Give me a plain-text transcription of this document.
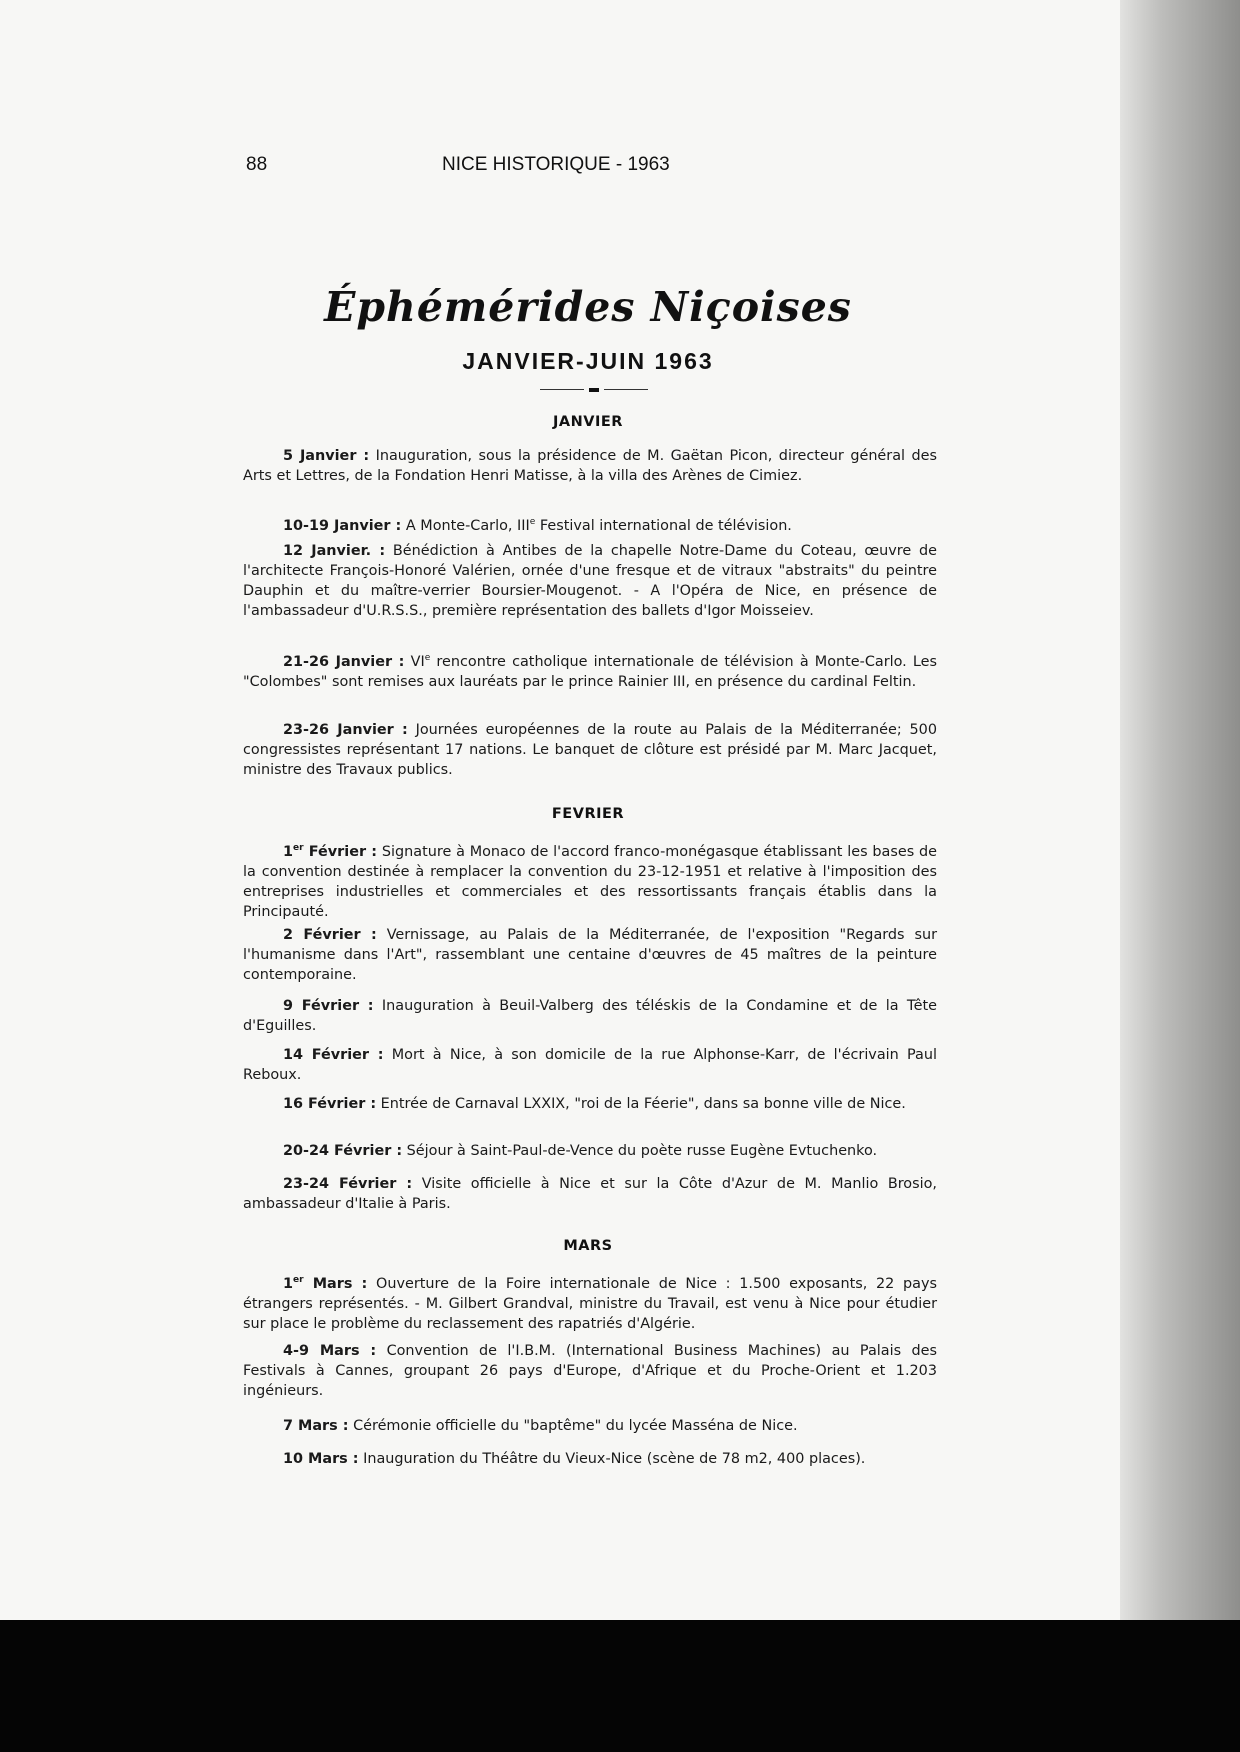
88	NICE HISTORIQUE - 1963
Éphémérides Niçoises
JANVIER-JUIN 1963
JANVIER

5 Janvier : Inauguration, sous la présidence de M. Gaëtan Picon, directeur général des Arts et Lettres, de la Fondation Henri Matisse, à la villa des Arènes de Cimiez.

10-19 Janvier : A Monte-Carlo, IIIe Festival international de télévision.

12 Janvier. : Bénédiction à Antibes de la chapelle Notre-Dame du Coteau, œuvre de l'architecte François-Honoré Valérien, ornée d'une fresque et de vitraux "abstraits" du peintre Dauphin et du maître-verrier Boursier-Mougenot. - A l'Opéra de Nice, en présence de l'ambassadeur d'U.R.S.S., première représentation des ballets d'Igor Moisseiev.

21-26 Janvier : VIe rencontre catholique internationale de télévision à Monte-Carlo. Les "Colombes" sont remises aux lauréats par le prince Rainier III, en présence du cardinal Feltin.

23-26 Janvier : Journées européennes de la route au Palais de la Méditerranée; 500 congressistes représentant 17 nations. Le banquet de clôture est présidé par M. Marc Jacquet, ministre des Travaux publics.

FEVRIER

1er Février : Signature à Monaco de l'accord franco-monégasque établissant les bases de la convention destinée à remplacer la convention du 23-12-1951 et relative à l'imposition des entreprises industrielles et commerciales et des ressortissants français établis dans la Principauté.

2 Février : Vernissage, au Palais de la Méditerranée, de l'exposition "Regards sur l'humanisme dans l'Art", rassemblant une centaine d'œuvres de 45 maîtres de la peinture contemporaine.

9 Février : Inauguration à Beuil-Valberg des téléskis de la Condamine et de la Tête d'Eguilles.

14 Février : Mort à Nice, à son domicile de la rue Alphonse-Karr, de l'écrivain Paul Reboux.

16 Février : Entrée de Carnaval LXXIX, "roi de la Féerie", dans sa bonne ville de Nice.

20-24 Février : Séjour à Saint-Paul-de-Vence du poète russe Eugène Evtuchenko.

23-24 Février : Visite officielle à Nice et sur la Côte d'Azur de M. Manlio Brosio, ambassadeur d'Italie à Paris.

MARS

1er Mars : Ouverture de la Foire internationale de Nice : 1.500 exposants, 22 pays étrangers représentés. - M. Gilbert Grandval, ministre du Travail, est venu à Nice pour étudier sur place le problème du reclassement des rapatriés d'Algérie.

4-9 Mars : Convention de l'I.B.M. (International Business Machines) au Palais des Festivals à Cannes, groupant 26 pays d'Europe, d'Afrique et du Proche-Orient et 1.203 ingénieurs.

7 Mars : Cérémonie officielle du "baptême" du lycée Masséna de Nice.

10 Mars : Inauguration du Théâtre du Vieux-Nice (scène de 78 m2, 400 places).
